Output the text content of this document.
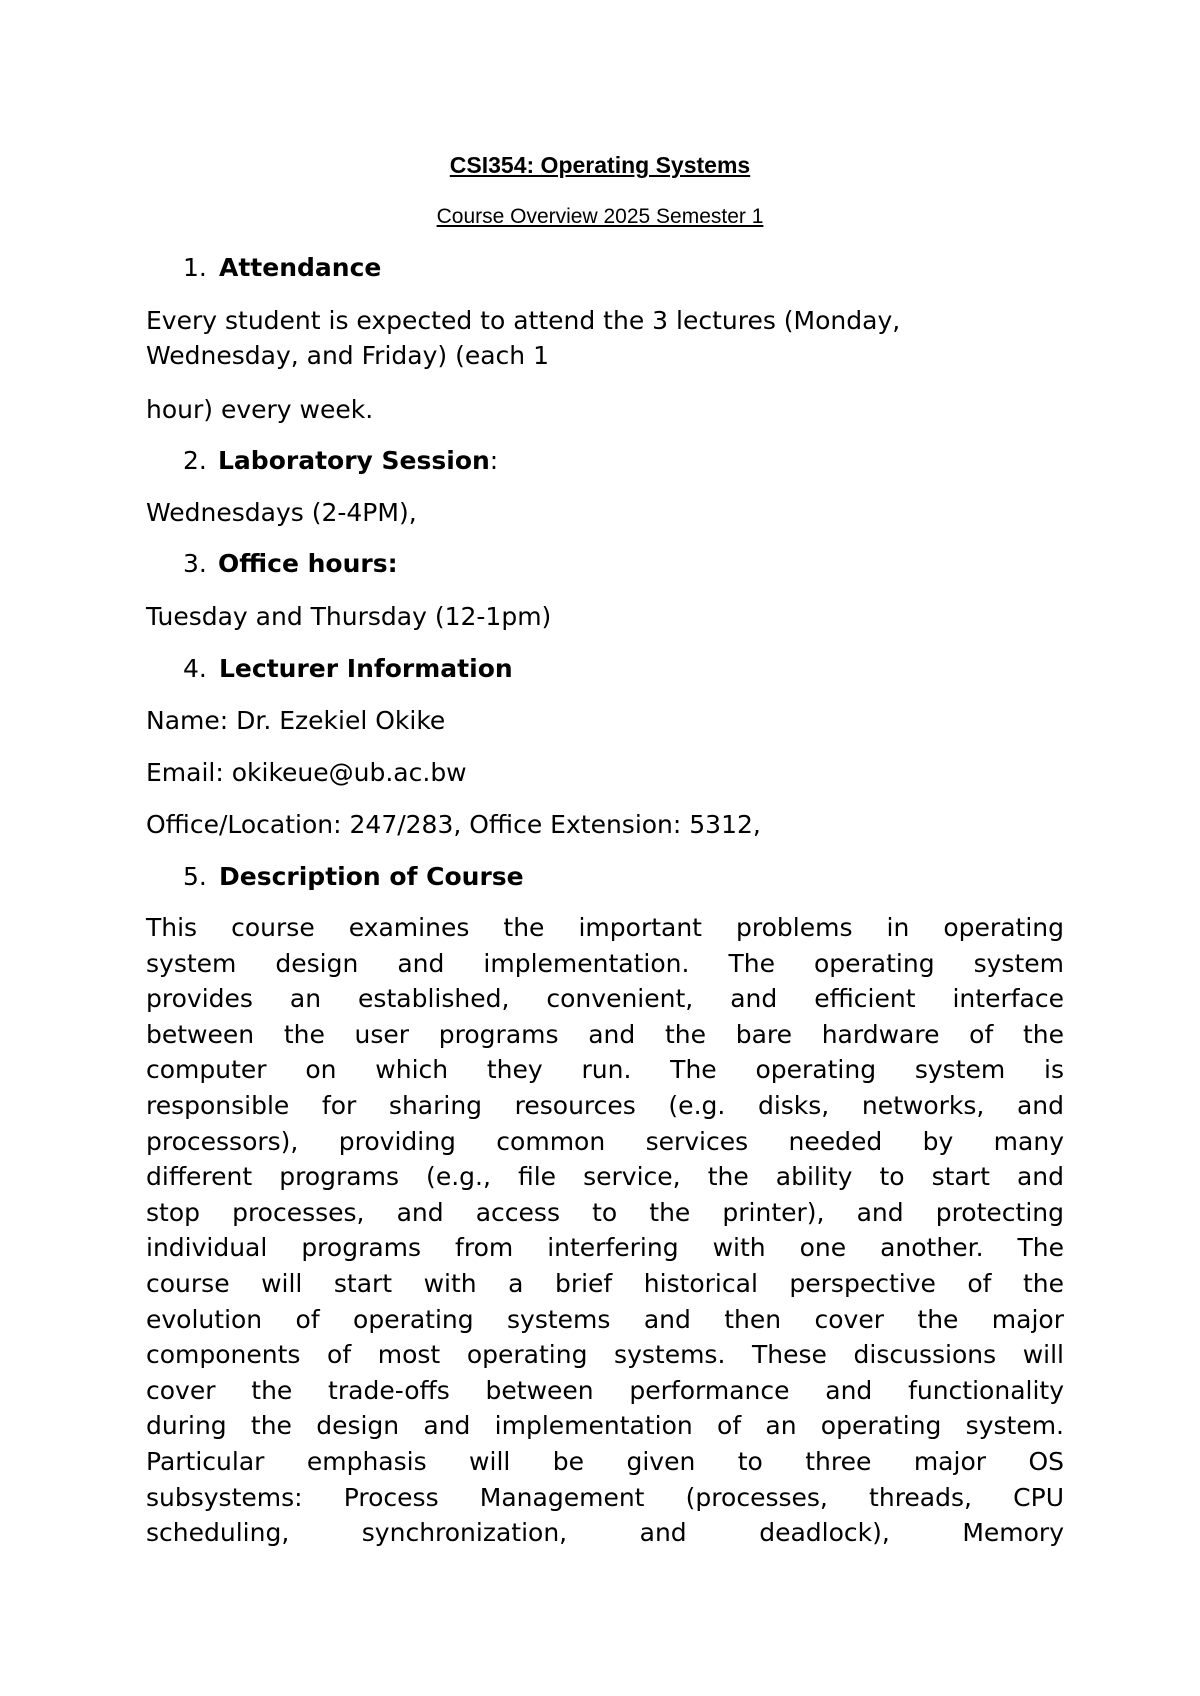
CSI354: Operating Systems
Course Overview 2025 Semester 1
1. Attendance
Every student is expected to attend the 3 lectures (Monday,
Wednesday, and Friday) (each 1
hour) every week.
2. Laboratory Session:
Wednesdays (2-4PM),
3. Office hours:
Tuesday and Thursday (12-1pm)
4. Lecturer Information
Name: Dr. Ezekiel Okike
Email: okikeue@ub.ac.bw
Office/Location: 247/283, Office Extension: 5312,
5. Description of Course
This course examines the important problems in operating
system design and implementation. The operating system
provides an established, convenient, and efficient interface
between the user programs and the bare hardware of the
computer on which they run. The operating system is
responsible for sharing resources (e.g. disks, networks, and
processors), providing common services needed by many
different programs (e.g., file service, the ability to start and
stop processes, and access to the printer), and protecting
individual programs from interfering with one another. The
course will start with a brief historical perspective of the
evolution of operating systems and then cover the major
components of most operating systems. These discussions will
cover the trade-offs between performance and functionality
during the design and implementation of an operating system.
Particular emphasis will be given to three major OS
subsystems: Process Management (processes, threads, CPU
scheduling, synchronization, and deadlock), Memory
